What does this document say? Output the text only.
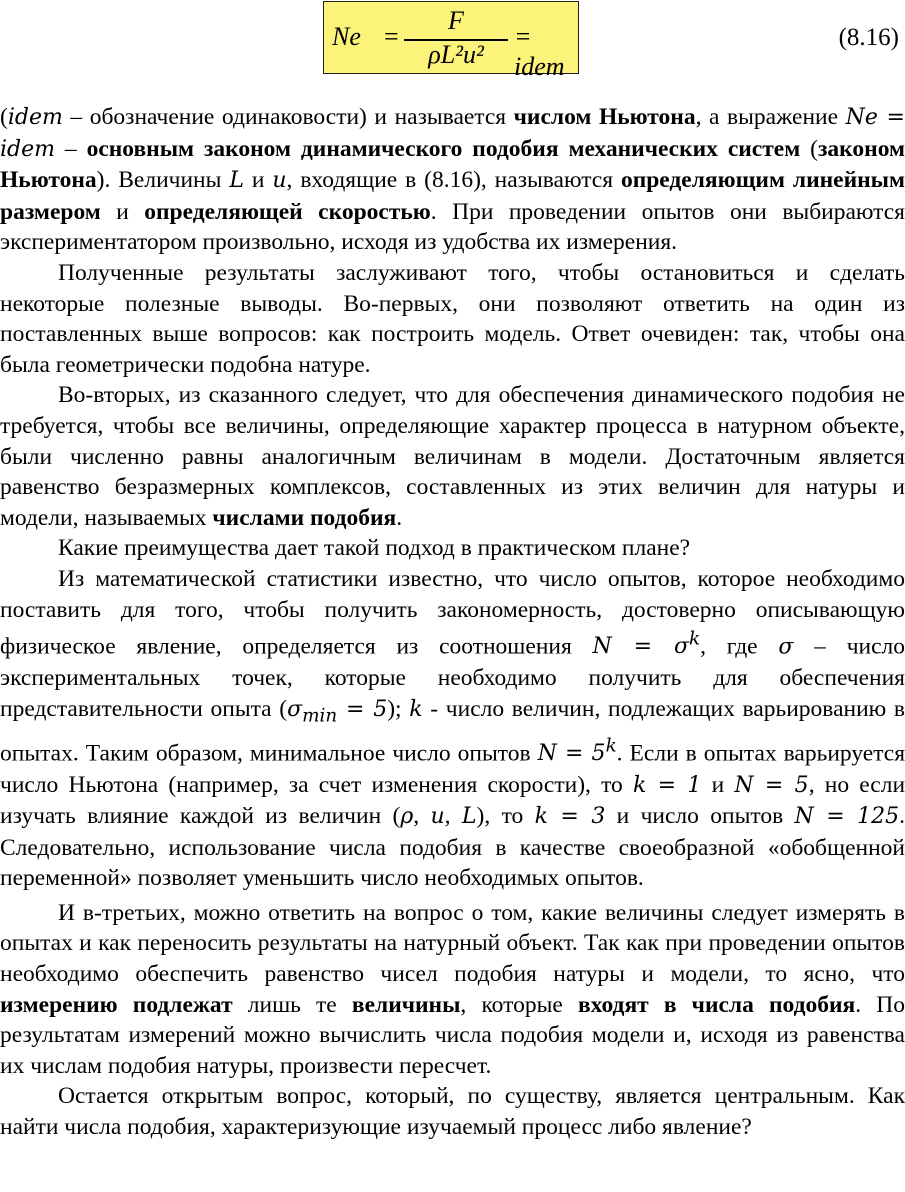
Ne =
F
ρL²u²
= idem
(8.16)

(idem – обозначение одинаковости) и называется числом Ньютона, а выражение Ne = idem – основным законом динамического подобия механических систем (законом Ньютона). Величины L и u, входящие в (8.16), называются определяющим линейным размером и определяющей скоростью. При проведении опытов они выбираются экспериментатором произвольно, исходя из удобства их измерения.

Полученные результаты заслуживают того, чтобы остановиться и сделать некоторые полезные выводы. Во-первых, они позволяют ответить на один из поставленных выше вопросов: как построить модель. Ответ очевиден: так, чтобы она была геометрически подобна натуре.

Во-вторых, из сказанного следует, что для обеспечения динамического подобия не требуется, чтобы все величины, определяющие характер процесса в натурном объекте, были численно равны аналогичным величинам в модели. Достаточным является равенство безразмерных комплексов, составленных из этих величин для натуры и модели, называемых числами подобия.

Какие преимущества дает такой подход в практическом плане?

Из математической статистики известно, что число опытов, которое необходимо поставить для того, чтобы получить закономерность, достоверно описывающую физическое явление, определяется из соотношения $N = \sigma^k$, где σ – число экспериментальных точек, которые необходимо получить для обеспечения представительности опыта $(\sigma_{min} = 5)$; k - число величин, подлежащих варьированию в опытах. Таким образом, минимальное число опытов $N = 5^k$. Если в опытах варьируется число Ньютона (например, за счет изменения скорости), то k = 1 и N = 5, но если изучать влияние каждой из величин (ρ, u, L), то k = 3 и число опытов N = 125. Следовательно, использование числа подобия в качестве своеобразной «обобщенной переменной» позволяет уменьшить число необходимых опытов.

И в-третьих, можно ответить на вопрос о том, какие величины следует измерять в опытах и как переносить результаты на натурный объект. Так как при проведении опытов необходимо обеспечить равенство чисел подобия натуры и модели, то ясно, что измерению подлежат лишь те величины, которые входят в числа подобия. По результатам измерений можно вычислить числа подобия модели и, исходя из равенства их числам подобия натуры, произвести пересчет.

Остается открытым вопрос, который, по существу, является центральным. Как найти числа подобия, характеризующие изучаемый процесс либо явление?
